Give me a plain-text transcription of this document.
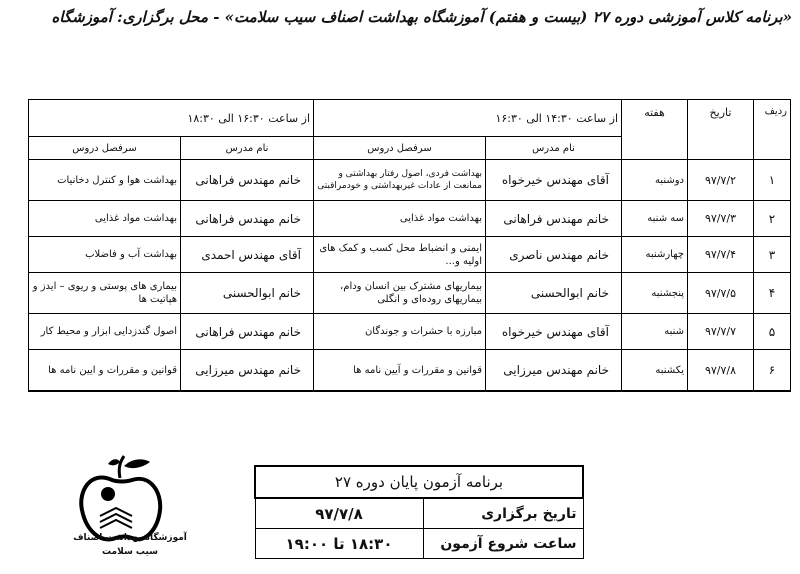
«برنامه کلاس آموزشی دوره ۲۷ (بیست و هفتم) آموزشگاه بهداشت اصناف سیب سلامت» - محل برگزاری: آموزشگاه
ردیف	تاریخ	هفته	از ساعت ۱۴:۳۰ الی ۱۶:۳۰		از ساعت ۱۶:۳۰ الی ۱۸:۳۰	
			نام مدرس	سرفصل دروس	نام مدرس	سرفصل دروس
۱	۹۷/۷/۲	دوشنبه	آقای مهندس خیرخواه	بهداشت فردی، اصول رفتار بهداشتی و ممانعت از عادات غیربهداشتی و خودمراقبتی	خانم مهندس فراهانی	بهداشت هوا و کنترل دخانیات
۲	۹۷/۷/۳	سه شنبه	خانم مهندس فراهانی	بهداشت مواد غذایی	خانم مهندس فراهانی	بهداشت مواد غذایی
۳	۹۷/۷/۴	چهارشنبه	خانم مهندس ناصری	ایمنی و انضباط محل کسب و کمک های اولیه و...	آقای مهندس احمدی	بهداشت آب و فاضلاب
۴	۹۷/۷/۵	پنجشنبه	خانم ابوالحسنی	بیماریهای مشترک بین انسان ودام، بیماریهای روده‌ای و انگلی	خانم ابوالحسنی	بیماری های پوستی و ریوی – ایدز و هپاتیت ها
۵	۹۷/۷/۷	شنبه	آقای مهندس خیرخواه	مبارزه با حشرات و جوندگان	خانم مهندس فراهانی	اصول گندزدایی ابزار و محیط کار
۶	۹۷/۷/۸	یکشنبه	خانم مهندس میرزایی	قوانین و مقررات و آیین نامه ها	خانم مهندس میرزایی	قوانین و مقررات و ایین نامه ها
آموزشگاه بهداشت اصناف
سیب سلامت
برنامه آزمون پایان دوره ۲۷	
تاریخ برگزاری	۹۷/۷/۸
ساعت شروع آزمون	۱۸:۳۰ تا ۱۹:۰۰
